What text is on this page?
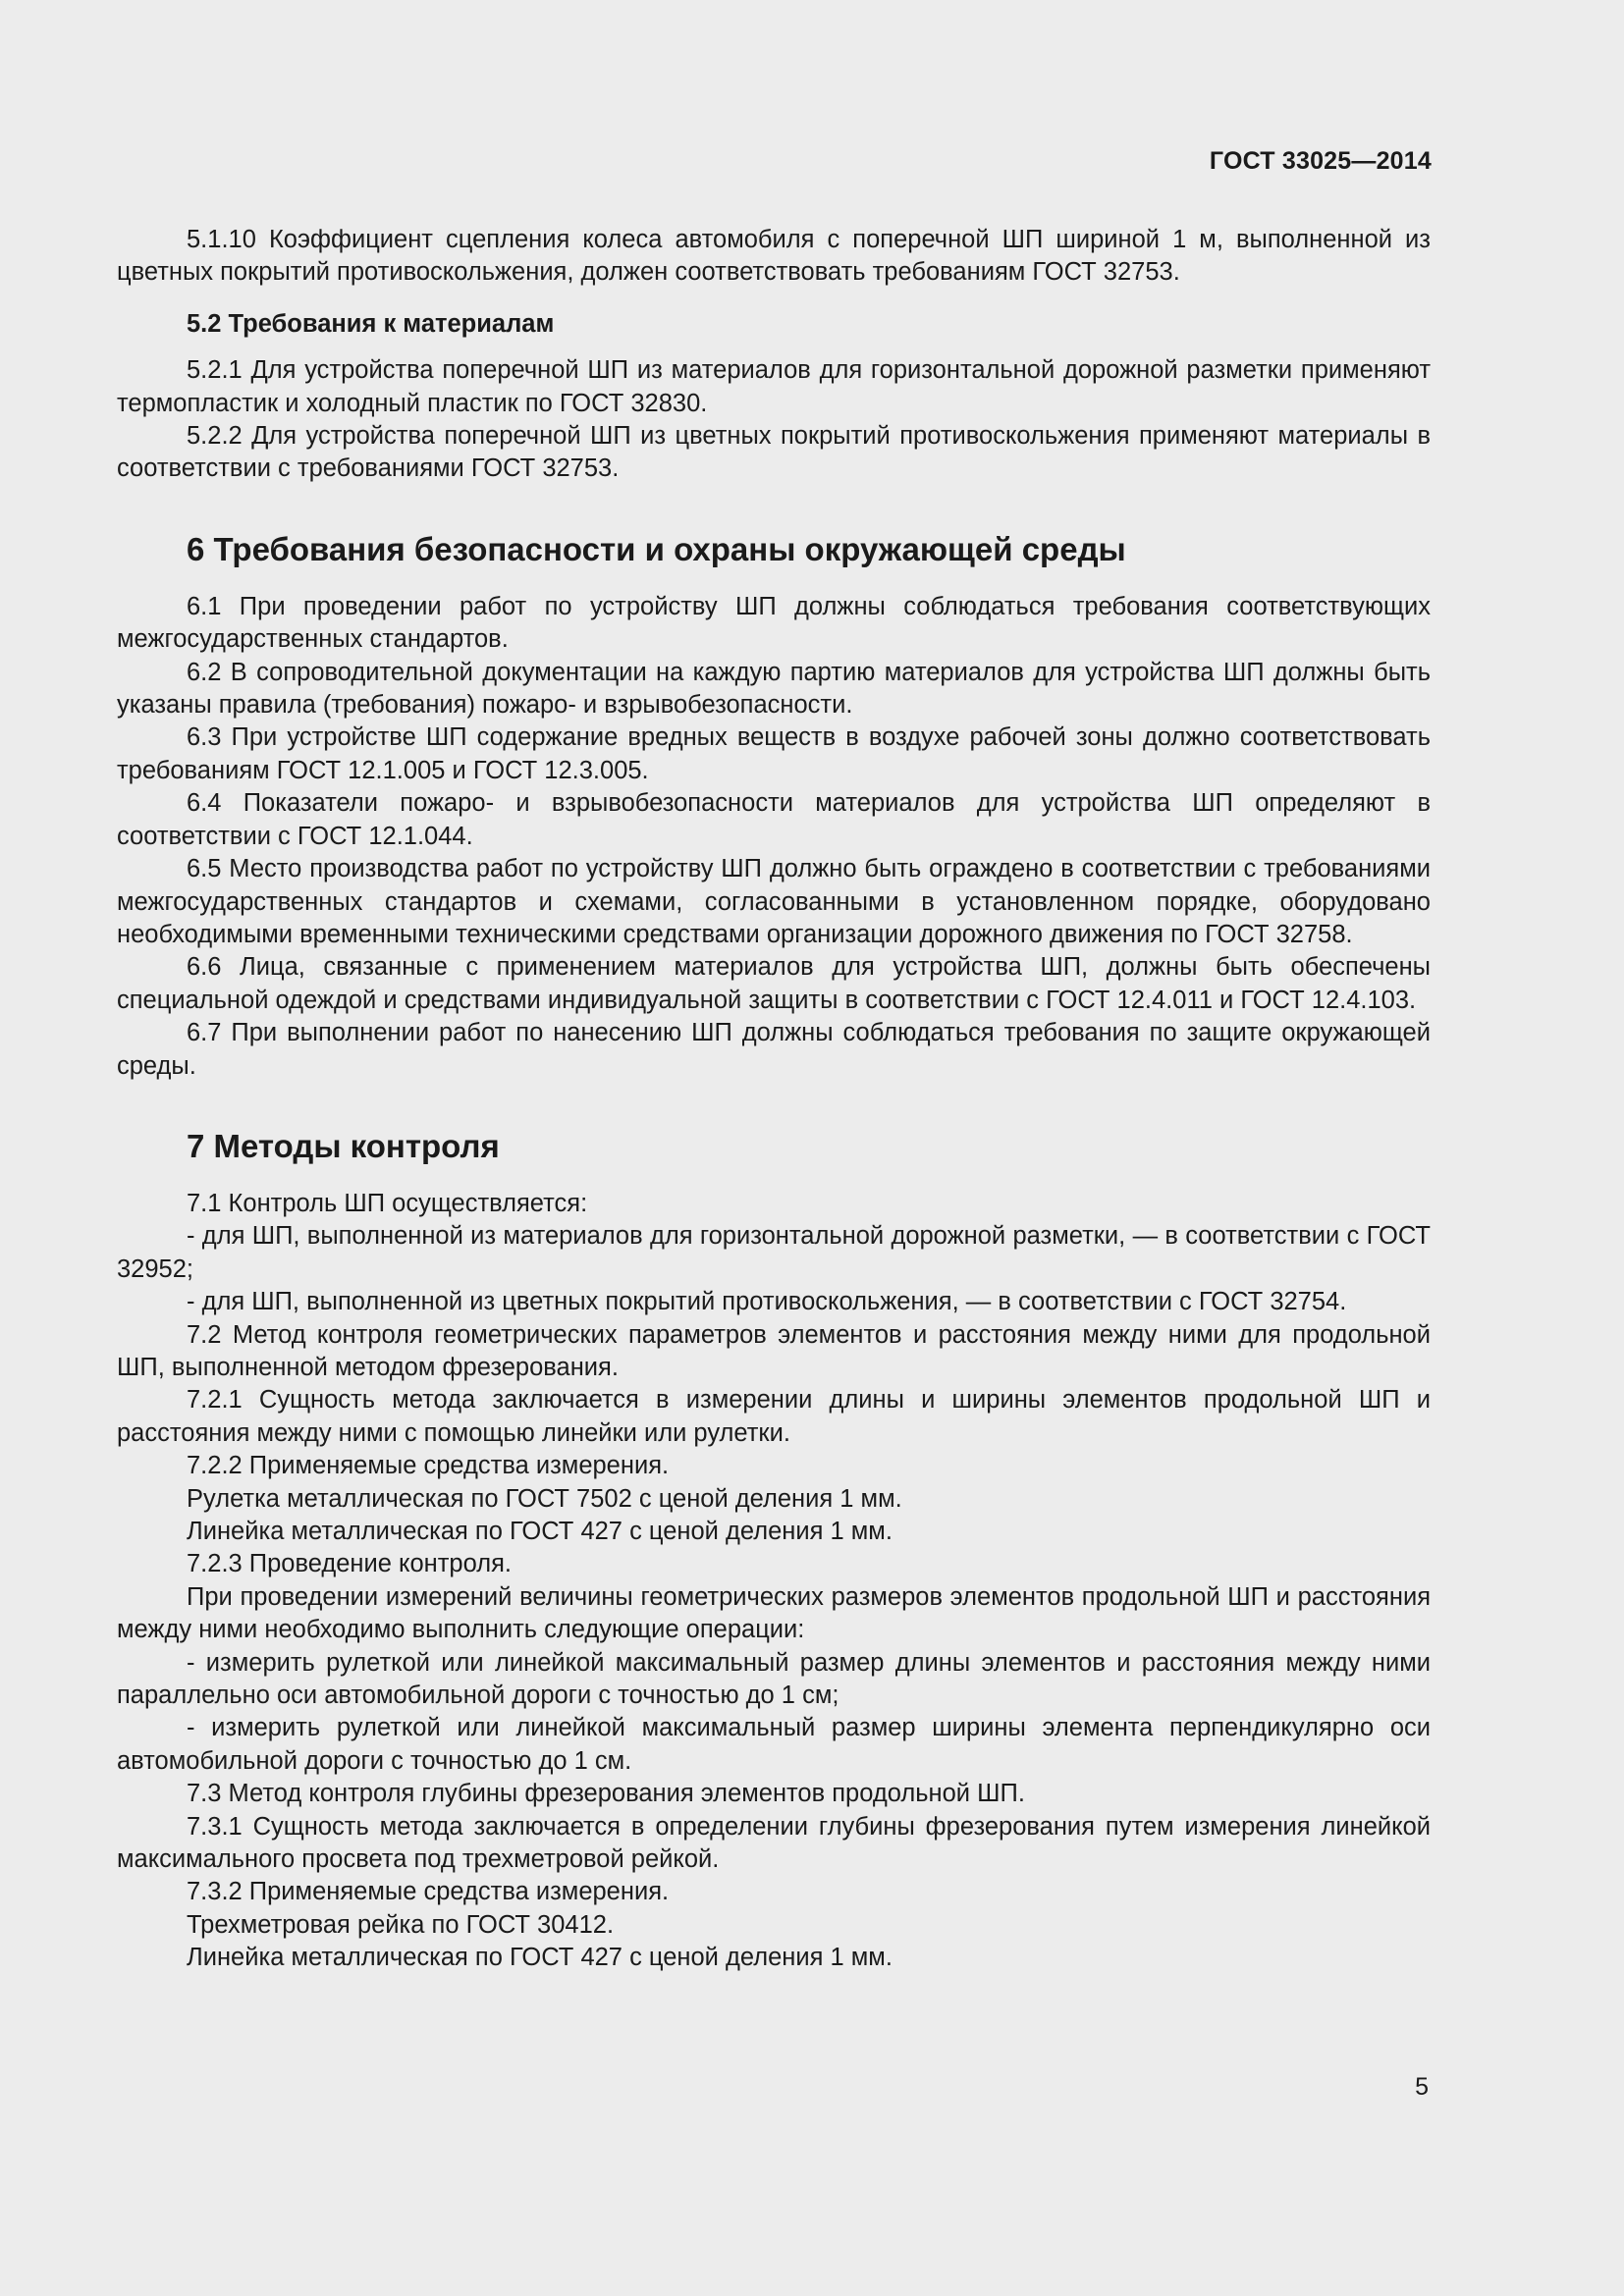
ГОСТ 33025—2014

5.1.10 Коэффициент сцепления колеса автомобиля с поперечной ШП шириной 1 м, выполненной из цветных покрытий противоскольжения, должен соответствовать требованиям ГОСТ 32753.

5.2 Требования к материалам

5.2.1 Для устройства поперечной ШП из материалов для горизонтальной дорожной разметки применяют термопластик и холодный пластик по ГОСТ 32830.

5.2.2 Для устройства поперечной ШП из цветных покрытий противоскольжения применяют материалы в соответствии с требованиями ГОСТ 32753.

6 Требования безопасности и охраны окружающей среды

6.1 При проведении работ по устройству ШП должны соблюдаться требования соответствующих межгосударственных стандартов.

6.2 В сопроводительной документации на каждую партию материалов для устройства ШП должны быть указаны правила (требования) пожаро- и взрывобезопасности.

6.3 При устройстве ШП содержание вредных веществ в воздухе рабочей зоны должно соответствовать требованиям ГОСТ 12.1.005 и ГОСТ 12.3.005.

6.4 Показатели пожаро- и взрывобезопасности материалов для устройства ШП определяют в соответствии с ГОСТ 12.1.044.

6.5 Место производства работ по устройству ШП должно быть ограждено в соответствии с требованиями межгосударственных стандартов и схемами, согласованными в установленном порядке, оборудовано необходимыми временными техническими средствами организации дорожного движения по ГОСТ 32758.

6.6 Лица, связанные с применением материалов для устройства ШП, должны быть обеспечены специальной одеждой и средствами индивидуальной защиты в соответствии с ГОСТ 12.4.011 и ГОСТ 12.4.103.

6.7 При выполнении работ по нанесению ШП должны соблюдаться требования по защите окружающей среды.

7 Методы контроля

7.1 Контроль ШП осуществляется:

- для ШП, выполненной из материалов для горизонтальной дорожной разметки, — в соответствии с ГОСТ 32952;

- для ШП, выполненной из цветных покрытий противоскольжения, — в соответствии с ГОСТ 32754.

7.2 Метод контроля геометрических параметров элементов и расстояния между ними для продольной ШП, выполненной методом фрезерования.

7.2.1 Сущность метода заключается в измерении длины и ширины элементов продольной ШП и расстояния между ними с помощью линейки или рулетки.

7.2.2 Применяемые средства измерения.

Рулетка металлическая по ГОСТ 7502 с ценой деления 1 мм.

Линейка металлическая по ГОСТ 427 с ценой деления 1 мм.

7.2.3 Проведение контроля.

При проведении измерений величины геометрических размеров элементов продольной ШП и расстояния между ними необходимо выполнить следующие операции:

- измерить рулеткой или линейкой максимальный размер длины элементов и расстояния между ними параллельно оси автомобильной дороги с точностью до 1 см;

- измерить рулеткой или линейкой максимальный размер ширины элемента перпендикулярно оси автомобильной дороги с точностью до 1 см.

7.3 Метод контроля глубины фрезерования элементов продольной ШП.

7.3.1 Сущность метода заключается в определении глубины фрезерования путем измерения линейкой максимального просвета под трехметровой рейкой.

7.3.2 Применяемые средства измерения.

Трехметровая рейка по ГОСТ 30412.

Линейка металлическая по ГОСТ 427 с ценой деления 1 мм.

5
